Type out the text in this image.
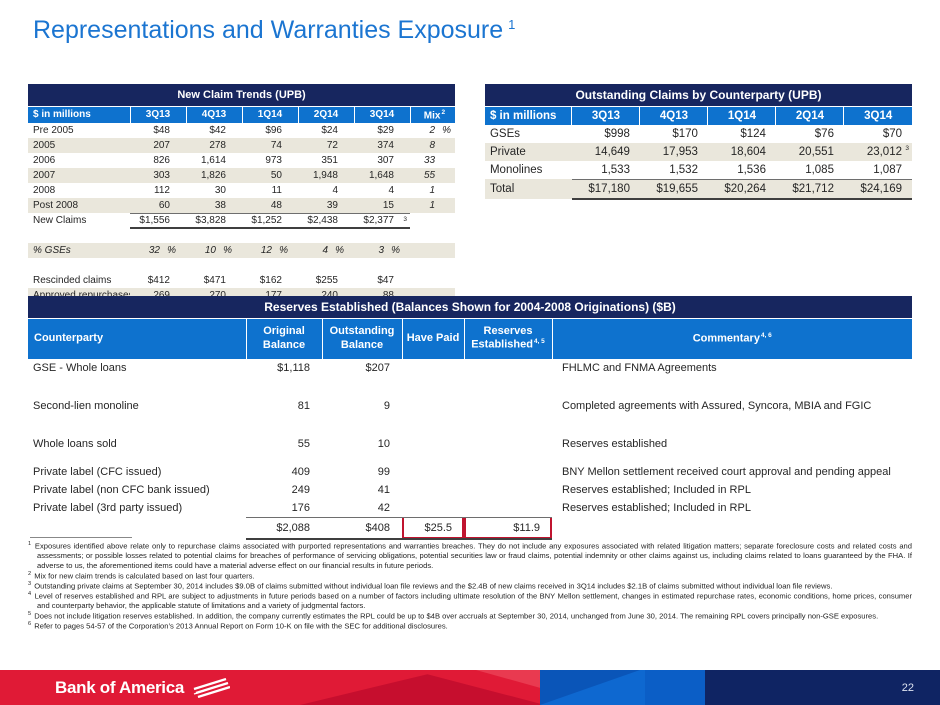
Representations and Warranties Exposure $^1$
New Claim Trends (UPB)						
$ in millions	3Q13	4Q13	1Q14	2Q14	3Q14	Mix$^2$
Pre 2005	$48	$42	$96	$24	$29	2 %
2005	207	278	74	72	374	8
2006	826	1,614	973	351	307	33
2007	303	1,826	50	1,948	1,648	55
2008	112	30	11	4	4	1
Post 2008	60	38	48	39	15	1
New Claims	$1,556	$3,828	$1,252	$2,438	$2,377 3	

% GSEs	32 %	10 %	12 %	4 %	3 %	

Rescinded claims	$412	$471	$162	$255	$47	

Outstanding Claims by Counterparty (UPB)					
$ in millions	3Q13	4Q13	1Q14	2Q14	3Q14
GSEs	$998	$170	$124	$76	$70
Private	14,649	17,953	18,604	20,551	23,012 3

Monolines	1,533	1,532	1,536	1,085	1,087
Total	$17,180	$19,655	$20,264	$21,712	$24,169
Reserves Established (Balances Shown for 2004-2008 Originations) ($B)					
Counterparty	Original Balance	Outstanding Balance	Have Paid	Reserves Established$^{4, 5}$	Commentary$^{4, 6}$
GSE - Whole loans	$1,118	$207			FHLMC and FNMA Agreements

Second-lien monoline	81	9			Completed agreements with Assured, Syncora, MBIA and FGIC

Whole loans sold	55	10			Reserves established

Private label (CFC issued)	409	99			BNY Mellon settlement received court approval and pending appeal
Private label (non CFC bank issued)	249	41			Reserves established; Included in RPL
Private label (3rd party issued)	176	42			Reserves established; Included in RPL
	$2,088	$408	$25.5	$11.9	
$^1$ Exposures identified above relate only to repurchase claims associated with purported representations and warranties breaches. They do not include any exposures associated with related litigation matters; separate foreclosure costs and related costs and assessments; or possible losses related to potential claims for breaches of performance of servicing obligations, potential securities law or fraud claims, potential indemnity or other claims against us, including claims related to loans guaranteed by the FHA. If adverse to us, the aforementioned items could have a material adverse effect on our financial results in future periods.
$^2$ Mix for new claim trends is calculated based on last four quarters.
$^3$ Outstanding private claims at September 30, 2014 includes $9.0B of claims submitted without individual loan file reviews and the $2.4B of new claims received in 3Q14 includes $2.1B of claims submitted without individual loan file reviews.
$^4$ Level of reserves established and RPL are subject to adjustments in future periods based on a number of factors including ultimate resolution of the BNY Mellon settlement, changes in estimated repurchase rates, economic conditions, home prices, consumer and counterparty behavior, the applicable statute of limitations and a variety of judgmental factors.
$^5$ Does not include litigation reserves established. In addition, the company currently estimates the RPL could be up to $4B over accruals at September 30, 2014, unchanged from June 30, 2014. The remaining RPL covers principally non-GSE exposures.
$^6$ Refer to pages 54-57 of the Corporation’s 2013 Annual Report on Form 10-K on file with the SEC for additional disclosures.
Bank of America	22
